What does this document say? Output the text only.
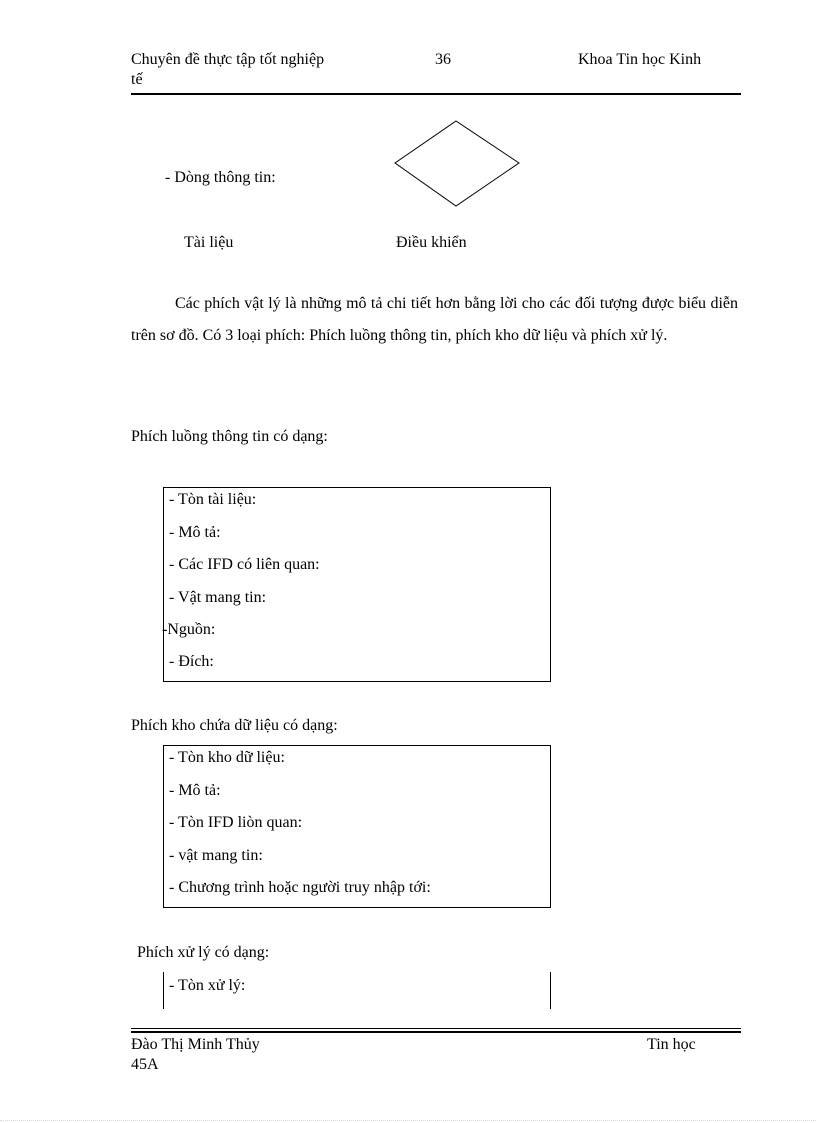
Chuyên đề thực tập tốt nghiệp
tế
36	Khoa Tin học Kinh
- Dòng thông tin:
Tài liệu	Điều khiển
Các phích vật lý là những mô tả chi tiết hơn bằng lời cho các đối tượng được biểu diễn trên sơ đồ. Có 3 loại phích: Phích luồng thông tin, phích kho dữ liệu và phích xử lý.
Phích luồng thông tin có dạng:
- Tòn tài liệu:
- Mô tả:
- Các IFD có liên quan:
- Vật mang tin:
-Nguồn:
- Đích:
Phích kho chứa dữ liệu có dạng:
- Tòn kho dữ liệu:
- Mô tả:
- Tòn IFD liòn quan:
- vật mang tin:
- Chương trình hoặc người truy nhập tới:
Phích xử lý có dạng:
- Tòn xử lý:
Đào Thị Minh Thủy
45A
Tin học
